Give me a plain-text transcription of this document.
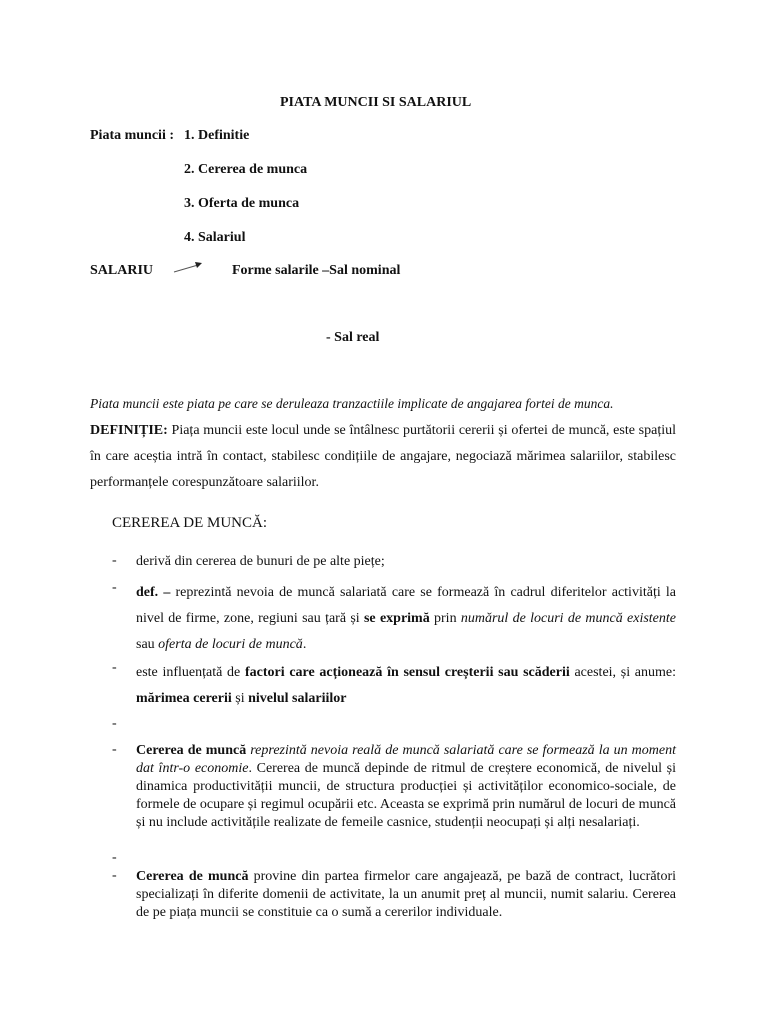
PIATA MUNCII SI SALARIUL
Piata muncii : 1. Definitie
2. Cererea de munca
3. Oferta de munca
4. Salariul
SALARIU	Forme salarile –Sal nominal
- Sal real
Piata muncii este piata pe care se deruleaza tranzactiile implicate de angajarea fortei de munca.
DEFINIȚIE: Piața muncii este locul unde se întâlnesc purtătorii cererii și ofertei de muncă, este spațiul în care aceștia intră în contact, stabilesc condițiile de angajare, negociază mărimea salariilor, stabilesc performanțele corespunzătoare salariilor.
CEREREA DE MUNCĂ:
- derivă din cererea de bunuri de pe alte piețe;
- def. – reprezintă nevoia de muncă salariată care se formează în cadrul diferitelor activități la nivel de firme, zone, regiuni sau țară și se exprimă prin numărul de locuri de muncă existente sau oferta de locuri de muncă.
- este influențată de factori care acționează în sensul creșterii sau scăderii acestei, și anume: mărimea cererii și nivelul salariilor
-
- Cererea de muncă reprezintă nevoia reală de muncă salariată care se formează la un moment dat într-o economie. Cererea de muncă depinde de ritmul de creștere economică, de nivelul și dinamica productivității muncii, de structura producției și activităților economico-sociale, de formele de ocupare și regimul ocupării etc. Aceasta se exprimă prin numărul de locuri de muncă și nu include activitățile realizate de femeile casnice, studenții neocupați și alți nesalariați.
-
- Cererea de muncă provine din partea firmelor care angajează, pe bază de contract, lucrători specializați în diferite domenii de activitate, la un anumit preț al muncii, numit salariu. Cererea de pe piața muncii se constituie ca o sumă a cererilor individuale.
